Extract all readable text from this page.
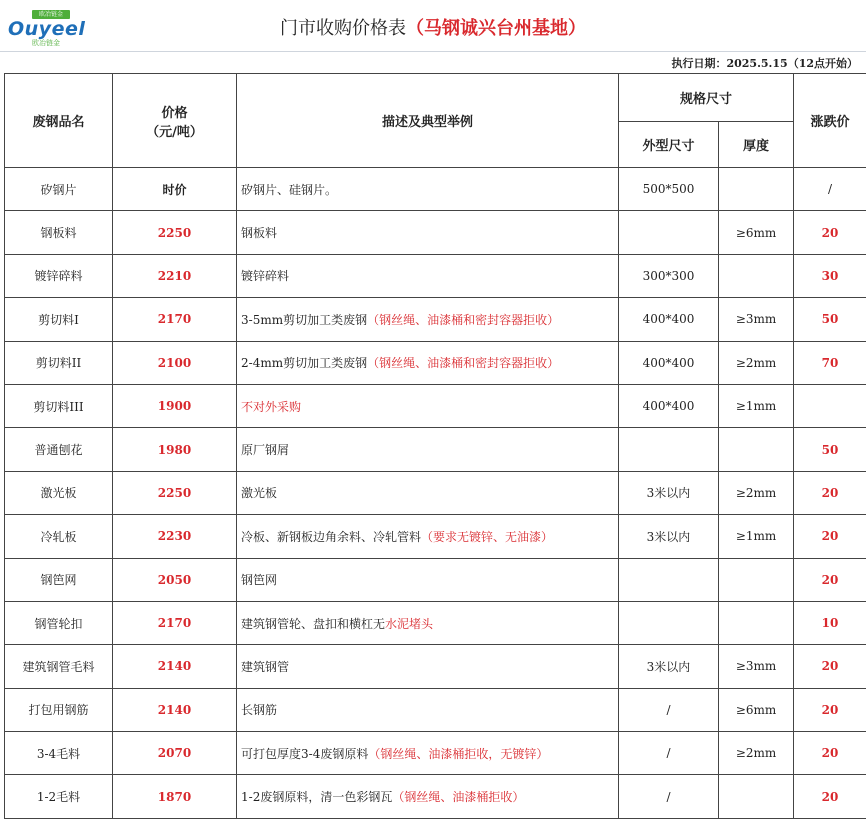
欧冶链金
Ouyeel
欧冶链金
门市收购价格表（马钢诚兴台州基地）
执行日期：2025.5.15（12点开始）
废钢品名	价格
（元/吨）	描述及典型举例	规格尺寸		涨跌价
			外型尺寸	厚度	
矽钢片	时价	矽钢片、硅钢片。	500*500		/
钢板料	2250	钢板料		≥6mm	20
镀锌碎料	2210	镀锌碎料	300*300		30
剪切料I	2170	3-5mm剪切加工类废钢（钢丝绳、油漆桶和密封容器拒收）	400*400	≥3mm	50
剪切料II	2100	2-4mm剪切加工类废钢（钢丝绳、油漆桶和密封容器拒收）	400*400	≥2mm	70
剪切料III	1900	不对外采购	400*400	≥1mm	
普通刨花	1980	原厂钢屑			50
激光板	2250	激光板	3米以内	≥2mm	20
冷轧板	2230	冷板、新钢板边角余料、冷轧管料（要求无镀锌、无油漆）	3米以内	≥1mm	20
钢笆网	2050	钢笆网			20
钢管轮扣	2170	建筑钢管轮、盘扣和横杠无水泥堵头			10
建筑钢管毛料	2140	建筑钢管	3米以内	≥3mm	20
打包用钢筋	2140	长钢筋	/	≥6mm	20
3-4毛料	2070	可打包厚度3-4废钢原料（钢丝绳、油漆桶拒收，无镀锌）	/	≥2mm	20
1-2毛料	1870	1-2废钢原料，清一色彩钢瓦（钢丝绳、油漆桶拒收）	/		20
